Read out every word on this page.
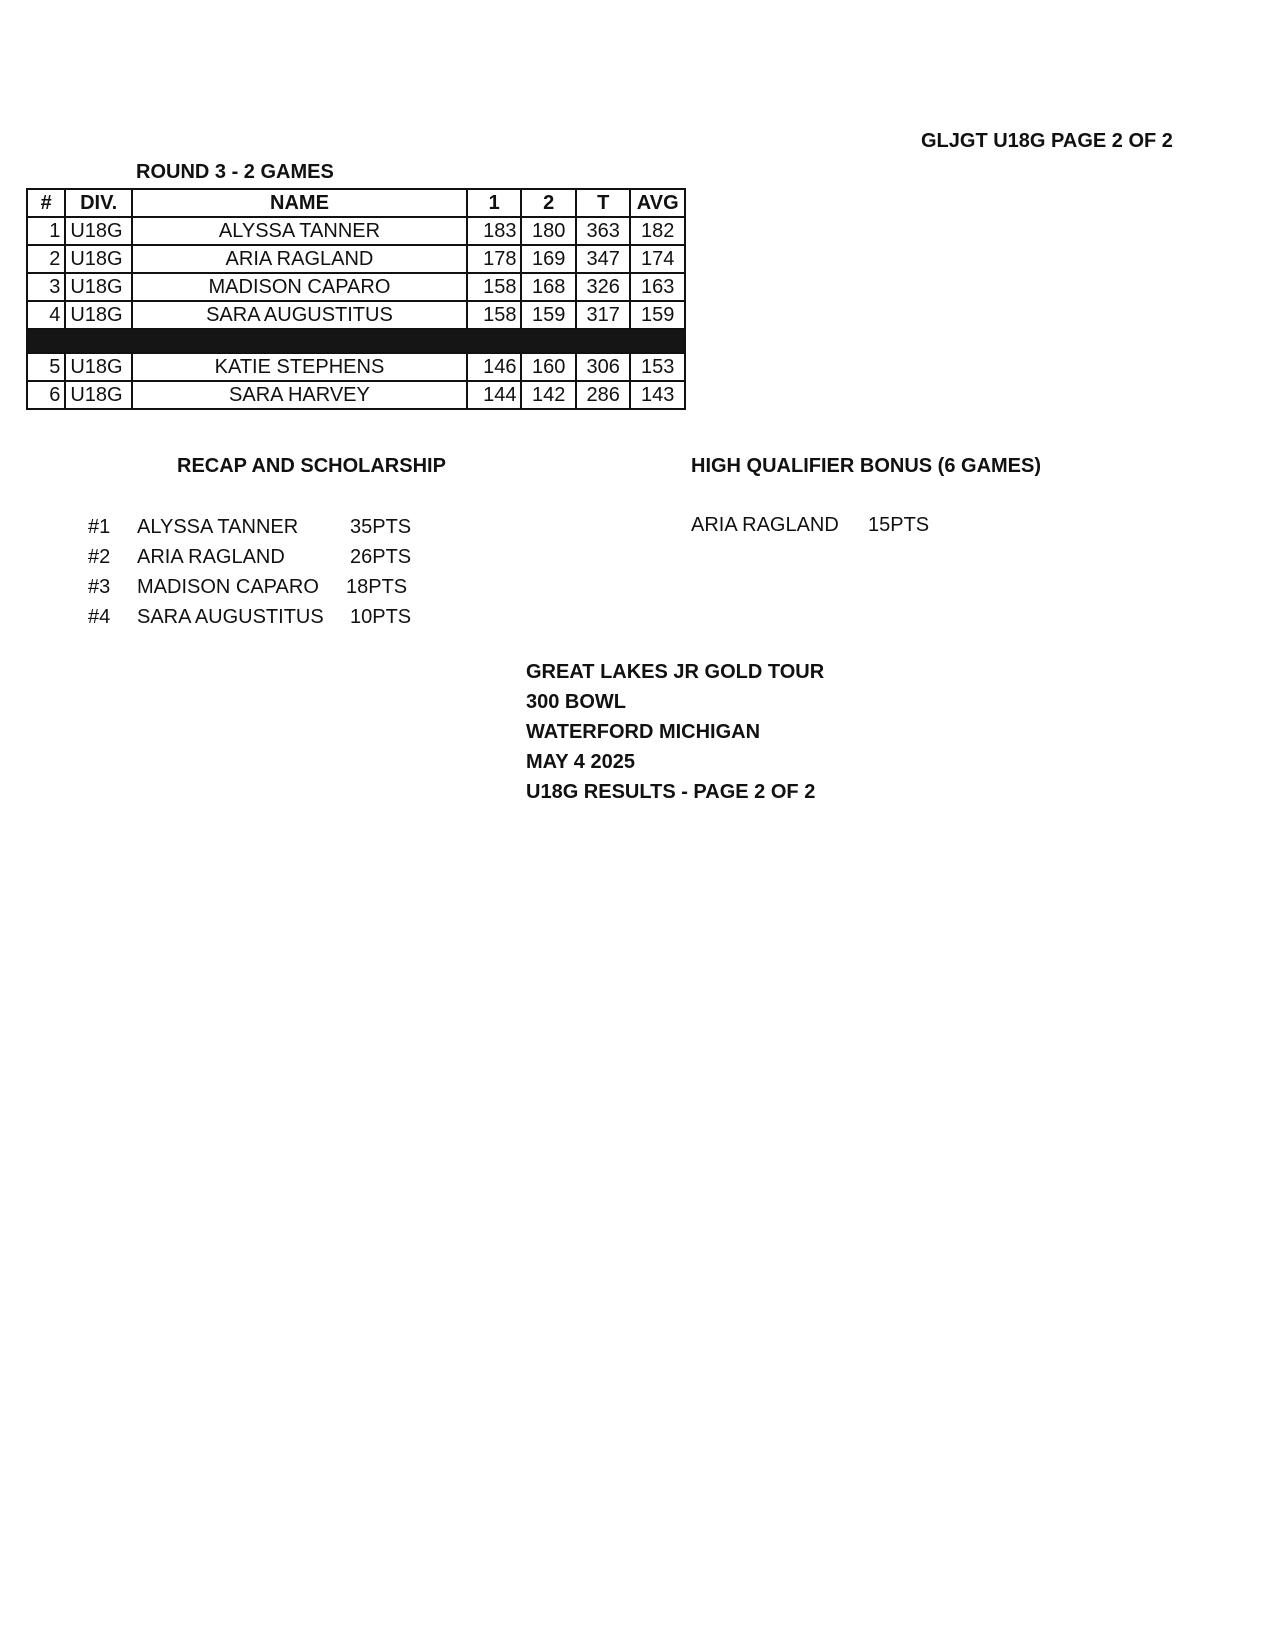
GLJGT U18G PAGE 2 OF 2
ROUND 3 - 2 GAMES
#	DIV.	NAME	1	2	T	AVG
1	U18G	ALYSSA TANNER	183	180	363	182
2	U18G	ARIA RAGLAND	178	169	347	174
3	U18G	MADISON CAPARO	158	168	326	163
4	U18G	SARA AUGUSTITUS	158	159	317	159

5	U18G	KATIE STEPHENS	146	160	306	153
6	U18G	SARA HARVEY	144	142	286	143
RECAP AND SCHOLARSHIP	HIGH QUALIFIER BONUS (6 GAMES)
#1	ALYSSA TANNER	35PTS
#2	ARIA RAGLAND	26PTS
#3	MADISON CAPARO	18PTS
#4	SARA AUGUSTITUS	10PTS
ARIA RAGLAND 15PTS
GREAT LAKES JR GOLD TOUR
300 BOWL
WATERFORD MICHIGAN
MAY 4 2025
U18G RESULTS - PAGE 2 OF 2
